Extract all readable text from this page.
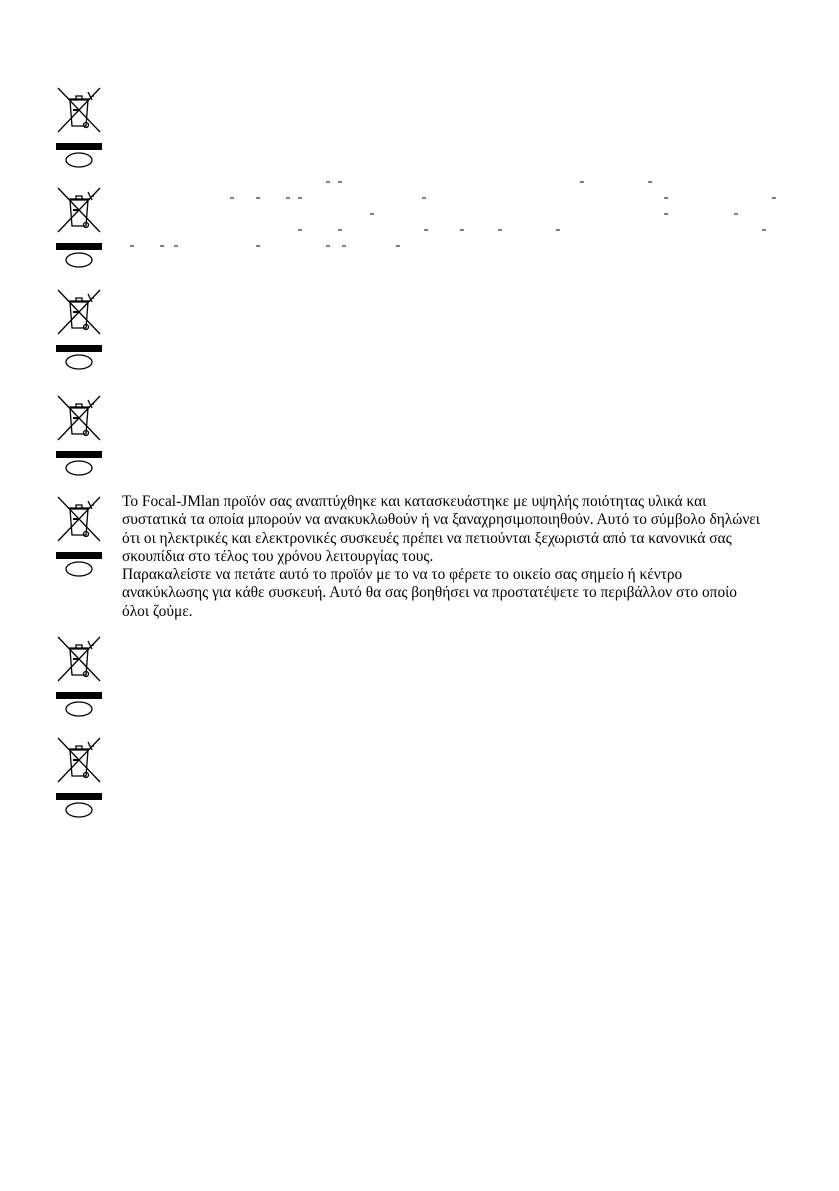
Το Focal-JMlan προϊόν σας αναπτύχθηκε και κατασκευάστηκε με υψηλής ποιότητας υλικά και συστατικά τα οποία μπορούν να ανακυκλωθούν ή να ξαναχρησιμοποιηθούν. Αυτό το σύμβολο δηλώνει ότι οι ηλεκτρικές και ελεκτρονικές συσκευές πρέπει να πετιούνται ξεχωριστά από τα κανονικά σας σκουπίδια στο τέλος του χρόνου λειτουργίας τους.

Παρακαλείστε να πετάτε αυτό το προϊόν με το να το φέρετε το οικείο σας σημείο ή κέντρο ανακύκλωσης για κάθε συσκευή. Αυτό θα σας βοηθήσει να προστατέψετε το περιβάλλον στο οποίο όλοι ζούμε.
